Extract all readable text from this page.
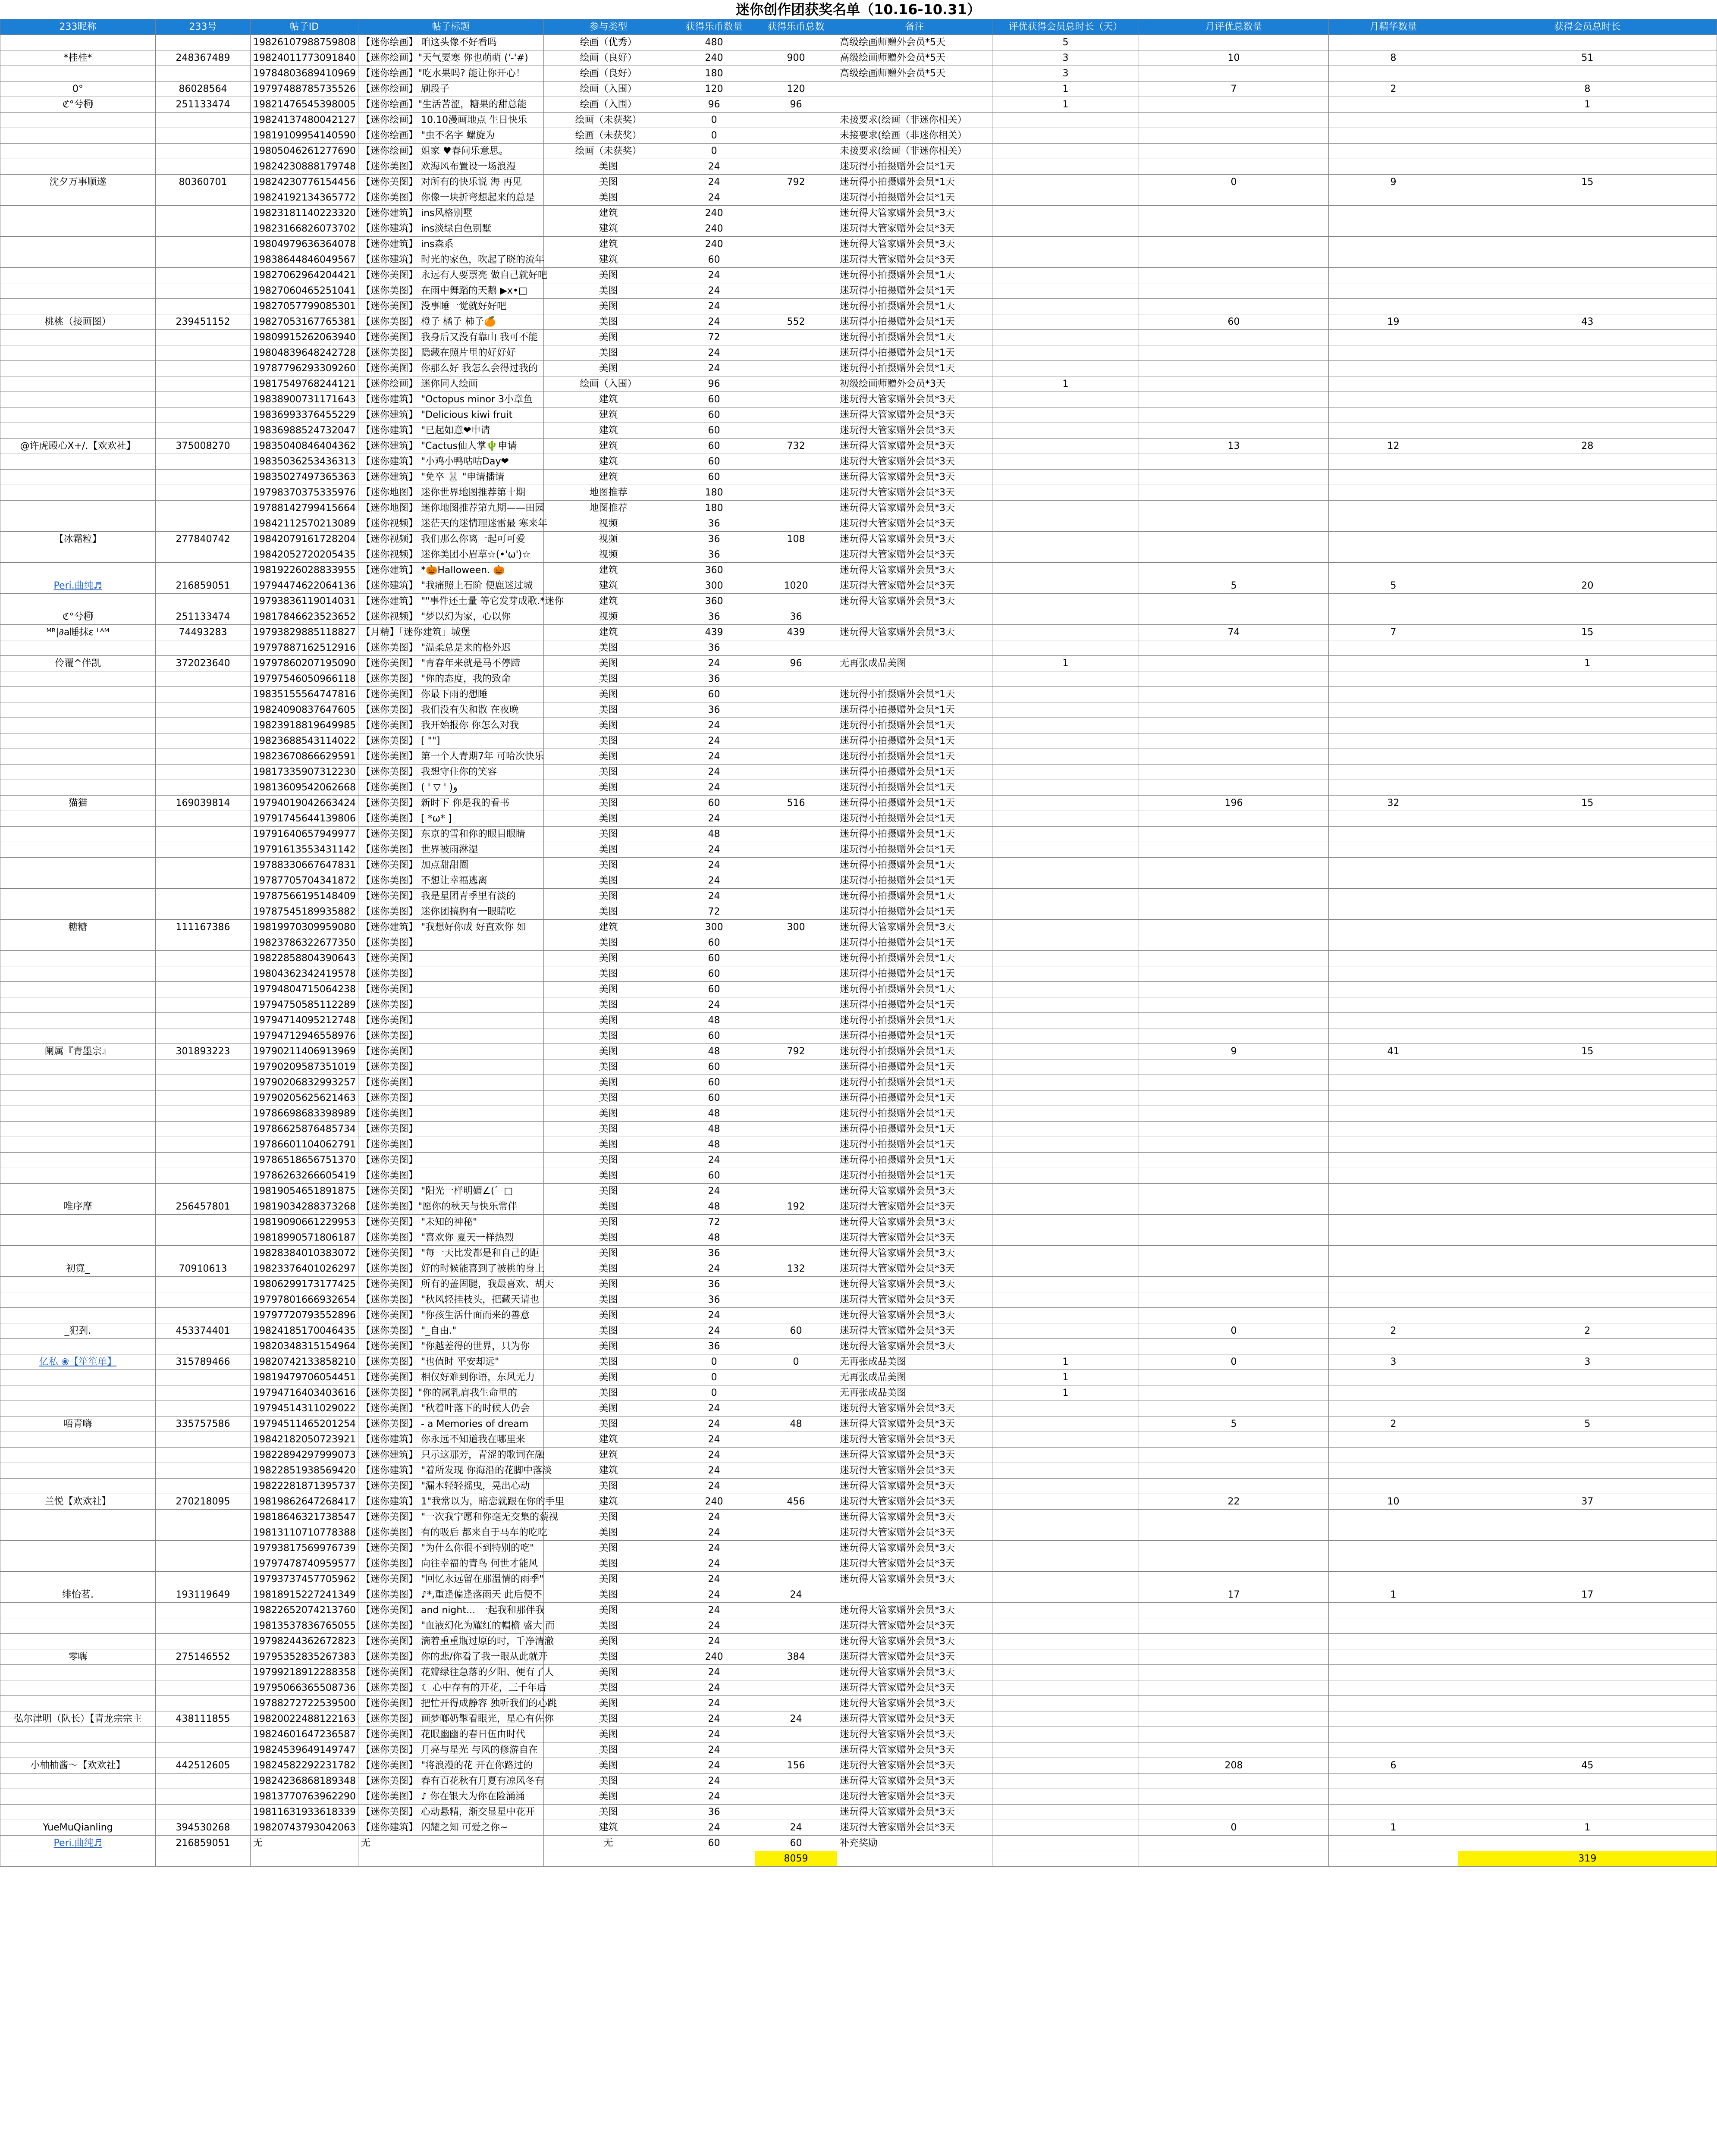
迷你创作团获奖名单（10.16-10.31）
233昵称	233号	帖子ID	帖子标题	参与类型	获得乐币数量	获得乐币总数	备注	评优获得会员总时长（天）	月评优总数量	月精华数量	获得会员总时长
		19826107988759808	【迷你绘画】 咱这头像不好看吗	绘画（优秀）	480		高级绘画师赠外会员*5天	5			
*桂桂*	248367489	19824011773091840	【迷你绘画】"天气要寒 你也萌萌 ('-'#)	绘画（良好）	240	900	高级绘画师赠外会员*5天	3	10	8	51
		19784803689410969	【迷你绘画】"吃水果吗? 能让你开心！	绘画（良好）	180		高级绘画师赠外会员*5天	3			
0°	86028564	19797488785735526	【迷你绘画】 刷段子	绘画（入围）	120	120		1	7	2	8
ℭ°兮柯⃝	251133474	19821476545398005	【迷你绘画】"生活苦涩，糖果的甜总能	绘画（入围）	96	96		1			1
		19824137480042127	【迷你绘画】 10.10漫画地点 生日快乐	绘画（未获奖）	0		未接要求(绘画（非迷你相关）				
		19819109954140590	【迷你绘画】 "虫不名字 螺旋为	绘画（未获奖）	0		未接要求(绘画（非迷你相关）				
		19805046261277690	【迷你绘画】 姐家 ♥春问乐意思。	绘画（未获奖）	0		未接要求(绘画（非迷你相关）				
		19824230888179748	【迷你美图】 欢海风布置设一场浪漫	美图	24		迷玩得小拍摄赠外会员*1天				
沈夕万事顺遂	80360701	19824230776154456	【迷你美图】 对所有的快乐说 海 再见	美图	24	792	迷玩得小拍摄赠外会员*1天		0	9	15
		19824192134365772	【迷你美图】 你像一块折弯想起来的总是	美图	24		迷玩得小拍摄赠外会员*1天				
		19823181140223320	【迷你建筑】 ins风格别墅	建筑	240		迷玩得大管家赠外会员*3天				
		19823166826073702	【迷你建筑】 ins淡绿白色别墅	建筑	240		迷玩得大管家赠外会员*3天				
		19804979636364078	【迷你建筑】 ins森系	建筑	240		迷玩得大管家赠外会员*3天				
		19838644846049567	【迷你建筑】 时光的家色，吹起了晓的流年	建筑	60		迷玩得大管家赠外会员*3天				
		19827062964204421	【迷你美图】 永远有人要票亮 做自己就好吧	美图	24		迷玩得小拍摄赠外会员*1天				
		19827060465251041	【迷你美图】 在雨中舞蹈的天鹅 ▶x•□	美图	24		迷玩得小拍摄赠外会员*1天				
		19827057799085301	【迷你美图】 没事睡一觉就好好吧	美图	24		迷玩得小拍摄赠外会员*1天				
桃桃（接画图）	239451152	19827053167765381	【迷你美图】 橙子 橘子 柿子🍊	美图	24	552	迷玩得小拍摄赠外会员*1天		60	19	43
		19809915262063940	【迷你美图】 我身后又没有靠山 我可不能	美图	72		迷玩得小拍摄赠外会员*1天				
		19804839648242728	【迷你美图】 隐藏在照片里的好好好	美图	24		迷玩得小拍摄赠外会员*1天				
		19787796293309260	【迷你美图】 你那么好 我怎么会得过我的	美图	24		迷玩得小拍摄赠外会员*1天				
		19817549768244121	【迷你绘画】 迷你同人绘画	绘画（入围）	96		初级绘画师赠外会员*3天	1			
		19838900731171643	【迷你建筑】 "Octopus minor 3小章鱼	建筑	60		迷玩得大管家赠外会员*3天				
		19836993376455229	【迷你建筑】 "Delicious kiwi fruit	建筑	60		迷玩得大管家赠外会员*3天				
		19836988524732047	【迷你建筑】 "已起如意❤申请	建筑	60		迷玩得大管家赠外会员*3天				
@许虎殿心X+/.【欢欢社】	375008270	19835040846404362	【迷你建筑】 "Cactus仙人掌🌵申请	建筑	60	732	迷玩得大管家赠外会员*3天		13	12	28
		19835036253436313	【迷你建筑】 "小鸡小鸭咕咕Day❤	建筑	60		迷玩得大管家赠外会员*3天				
		19835027497365363	【迷你建筑】 "免卒 🐰 "申请播请	建筑	60		迷玩得大管家赠外会员*3天				
		19798370375335976	【迷你地图】 迷你世界地图推荐第十期	地图推荐	180		迷玩得大管家赠外会员*3天				
		19788142799415664	【迷你地图】 迷你地图推荐第九期——田园	地图推荐	180		迷玩得大管家赠外会员*3天				
		19842112570213089	【迷你视频】 迷茫天的迷情理迷雷最 寒来年	视频	36		迷玩得大管家赠外会员*3天				
【冰霜粒】	277840742	19842079161728204	【迷你视频】 我们那么你离一起可可爱	视频	36	108	迷玩得大管家赠外会员*3天				
		19842052720205435	【迷你视频】 迷你美团小眉草☆(•'ω')☆	视频	36		迷玩得大管家赠外会员*3天				
		19819226028833955	【迷你建筑】 *🎃Halloween. 🎃	建筑	360		迷玩得大管家赠外会员*3天				
Peri.曲纯♬	216859051	19794474622064136	【迷你建筑】 "我痛照上石阶 便鹿迷过城	建筑	300	1020	迷玩得大管家赠外会员*3天		5	5	20
		19793836119014031	【迷你建筑】 ""事件还土量 等它发芽成歌.*迷你	建筑	360		迷玩得大管家赠外会员*3天				
ℭ°兮柯⃝	251133474	19817846623523652	【迷你视频】 "梦以幻为家，心以你	视频	36	36					
ᴹᴿ|∂a睡抹ε ᴸᴬᴹ	74493283	19793829885118827	【月精】「迷你建筑」城堡	建筑	439	439	迷玩得大管家赠外会员*3天		74	7	15
		19797887162512916	【迷你美图】 "温柔总是来的格外迟	美图	36						
伶覆^伴凯	372023640	19797860207195090	【迷你美图】 "青春年来就是马不停蹄	美图	24	96	无再张成品美图	1			1
		19797546050966118	【迷你美图】 "你的态度，我的致命	美图	36						
		19835155564747816	【迷你美图】 你最下雨的想睡	美图	60		迷玩得小拍摄赠外会员*1天				
		19824090837647605	【迷你美图】 我们没有失和散 在夜晚	美图	36		迷玩得小拍摄赠外会员*1天				
		19823918819649985	【迷你美图】 我开始报你 你怎么对我	美图	24		迷玩得小拍摄赠外会员*1天				
		19823688543114022	【迷你美图】 [ ""]	美图	24		迷玩得小拍摄赠外会员*1天				
		19823670866629591	【迷你美图】 第一个人青期7年 可哈次快乐	美图	24		迷玩得小拍摄赠外会员*1天				
		19817335907312230	【迷你美图】 我想守住你的笑容	美图	24		迷玩得小拍摄赠外会员*1天				
		19813609542062668	【迷你美图】 ( ' ▽ ' )و	美图	24		迷玩得小拍摄赠外会员*1天				
猫猫	169039814	19794019042663424	【迷你美图】 新时下 你是我的看书	美图	60	516	迷玩得小拍摄赠外会员*1天		196	32	15
		19791745644139806	【迷你美图】 [ *ω* ]	美图	24		迷玩得小拍摄赠外会员*1天				
		19791640657949977	【迷你美图】 东京的雪和你的眼目眼睛	美图	48		迷玩得小拍摄赠外会员*1天				
		19791613553431142	【迷你美图】 世界被雨淋湿	美图	24		迷玩得小拍摄赠外会员*1天				
		19788330667647831	【迷你美图】 加点甜甜圈	美图	24		迷玩得小拍摄赠外会员*1天				
		19787705704341872	【迷你美图】 不想让幸福逃离	美图	24		迷玩得小拍摄赠外会员*1天				
		19787566195148409	【迷你美图】 我是星团青季里有淡的	美图	24		迷玩得小拍摄赠外会员*1天				
		19787545189935882	【迷你美图】 迷你团搞胸有一眼睛吃	美图	72		迷玩得小拍摄赠外会员*1天				
糖糖	111167386	19819970309959080	【迷你建筑】 "我想好你成 好直欢你 如	建筑	300	300	迷玩得大管家赠外会员*3天				
		19823786322677350	【迷你美图】	美图	60		迷玩得小拍摄赠外会员*1天				
		19822858804390643	【迷你美图】	美图	60		迷玩得小拍摄赠外会员*1天				
		19804362342419578	【迷你美图】	美图	60		迷玩得小拍摄赠外会员*1天				
		19794804715064238	【迷你美图】	美图	60		迷玩得小拍摄赠外会员*1天				
		19794750585112289	【迷你美图】	美图	24		迷玩得小拍摄赠外会员*1天				
		19794714095212748	【迷你美图】	美图	48		迷玩得小拍摄赠外会员*1天				
		19794712946558976	【迷你美图】	美图	60		迷玩得小拍摄赠外会员*1天				
阑属『青墨宗』	301893223	19790211406913969	【迷你美图】	美图	48	792	迷玩得小拍摄赠外会员*1天		9	41	15
		19790209587351019	【迷你美图】	美图	60		迷玩得小拍摄赠外会员*1天				
		19790206832993257	【迷你美图】	美图	60		迷玩得小拍摄赠外会员*1天				
		19790205625621463	【迷你美图】	美图	60		迷玩得小拍摄赠外会员*1天				
		19786698683398989	【迷你美图】	美图	48		迷玩得小拍摄赠外会员*1天				
		19786625876485734	【迷你美图】	美图	48		迷玩得小拍摄赠外会员*1天				
		19786601104062791	【迷你美图】	美图	48		迷玩得小拍摄赠外会员*1天				
		19786518656751370	【迷你美图】	美图	24		迷玩得小拍摄赠外会员*1天				
		19786263266605419	【迷你美图】	美图	60		迷玩得小拍摄赠外会员*1天				
		19819054651891875	【迷你美图】 "阳光一样明媚∠(゛□	美图	24		迷玩得大管家赠外会员*3天				
唯序靡	256457801	19819034288373268	【迷你美图】"愿你的秋天与快乐常伴	美图	48	192	迷玩得大管家赠外会员*3天				
		19819090661229953	【迷你美图】 "未知的神秘"	美图	72		迷玩得大管家赠外会员*3天				
		19818990571806187	【迷你美图】 "喜欢你 夏天一样热烈	美图	48		迷玩得大管家赠外会员*3天				
		19828384010383072	【迷你美图】 "每一天比发都是和自己的距	美图	36		迷玩得大管家赠外会员*3天				
初寛_	70910613	19823376401026297	【迷你美图】 好的时候能喜到了被桃的身上	美图	24	132	迷玩得大管家赠外会员*3天				
		19806299173177425	【迷你美图】 所有的盖固腿，我最喜欢、胡天	美图	36		迷玩得大管家赠外会员*3天				
		19797801666932654	【迷你美图】 "秋风轻挂枝头，把藏天请也	美图	36		迷玩得大管家赠外会员*3天				
		19797720793552896	【迷你美图】 "你孩生活什面而来的善意	美图	24		迷玩得大管家赠外会员*3天				
_犯刭.	453374401	19824185170046435	【迷你美图】 "_自由."	美图	24	60	迷玩得大管家赠外会员*3天		0	2	2
		19820348315154964	【迷你美图】 "你越差得的世界，只为你	美图	36		迷玩得大管家赠外会员*3天				
亿私 ❀【笙笙单】	315789466	19820742133858210	【迷你美图】 "也值时 平安却远"	美图	0	0	无再张成品美图	1	0	3	3
		19819479706054451	【迷你美图】 相仅好难到你语，东风无力	美图	0		无再张成品美图	1			
		19794716403403616	【迷你美图】"你的属乳肩我生命里的	美图	0		无再张成品美图	1			
		19794514311029022	【迷你美图】 "秋着叶落下的时候人仍会	美图	24		迷玩得大管家赠外会员*3天				
唔青嗨	335757586	19794511465201254	【迷你美图】 - a Memories of dream	美图	24	48	迷玩得大管家赠外会员*3天		5	2	5
		19842182050723921	【迷你建筑】 你永远不知道我在哪里来	建筑	24		迷玩得大管家赠外会员*3天				
		19822894297999073	【迷你建筑】 只示这那芳，青涩的歌词在融	建筑	24		迷玩得大管家赠外会员*3天				
		19822851938569420	【迷你建筑】 "着所发现 你海沿的花脚中落淡	建筑	24		迷玩得大管家赠外会员*3天				
		19822281871395737	【迷你美图】 "漏木轻轻摇曳，晃出心动	美图	24		迷玩得大管家赠外会员*3天				
兰悦【欢欢社】	270218095	19819862647268417	【迷你建筑】 1"我常以为，暗恋就跟在你的手里	建筑	240	456	迷玩得大管家赠外会员*3天		22	10	37
		19818646321738547	【迷你美图】 "一次我宁愿和你毫无交集的藐视	美图	24		迷玩得大管家赠外会员*3天				
		19813110710778388	【迷你美图】 有的吸后 都来自于马车的吃吃	美图	24		迷玩得大管家赠外会员*3天				
		19793817569976739	【迷你美图】 "为什么你很不到特别的吃"	美图	24		迷玩得大管家赠外会员*3天				
		19797478740959577	【迷你美图】 向往幸福的青鸟 何世才能风	美图	24		迷玩得大管家赠外会员*3天				
		19793737457705962	【迷你美图】 "回忆永远留在那温情的雨季"	美图	24		迷玩得大管家赠外会员*3天				
绯怡茗.	193119649	19818915227241349	【迷你美图】 ♪*,重逢偏逢落雨天 此后便不	美图	24	24			17	1	17
		19822652074213760	【迷你美图】 and night... 一起我和那伴我	美图	24		迷玩得大管家赠外会员*3天				
		19813537836765055	【迷你美图】 "血液幻化为耀红的帽檐 盛大 而	美图	24		迷玩得大管家赠外会员*3天				
		19798244362672823	【迷你美图】 滴着重重瓶过原的时，千净清澈	美图	24		迷玩得大管家赠外会员*3天				
零嗨	275146552	19795352835267383	【迷你美图】 你的悲/你看了我一眼从此就开	美图	240	384	迷玩得大管家赠外会员*3天				
		19799218912288358	【迷你美图】 花瓣绿往急落的夕阳、便有了人	美图	24		迷玩得大管家赠外会员*3天				
		19795066365508736	【迷你美图】 ☾ 心中存有的开花，三千年后	美图	24		迷玩得大管家赠外会员*3天				
		19788272722539500	【迷你美图】 把忙开得成静容 独听我们的心跳	美图	24		迷玩得大管家赠外会员*3天				
弘尔津明（队长）【青龙宗宗主	438111855	19820022488122163	【迷你美图】 画梦啷奶掣看眼光，星心有佐你	美图	24	24	迷玩得大管家赠外会员*3天				
		19824601647236587	【迷你美图】 花眠幽幽的春日伍由时代	美图	24		迷玩得大管家赠外会员*3天				
		19824539649149747	【迷你美图】 月亮与星光 与风的修游自在	美图	24		迷玩得大管家赠外会员*3天				
小柚柚酱～【欢欢社】	442512605	19824582292231782	【迷你美图】 "将浪漫的花 开在你路过的	美图	24	156	迷玩得大管家赠外会员*3天		208	6	45
		19824236868189348	【迷你美图】 春有百花秋有月夏有凉风冬有	美图	24		迷玩得大管家赠外会员*3天				
		19813770763962290	【迷你美图】 ♪ 你在银大为你在险涌涌	美图	24		迷玩得大管家赠外会员*3天				
		19811631933618339	【迷你美图】 心动悬精，渐交显星中花开	美图	36		迷玩得大管家赠外会员*3天				
YueMuQianling	394530268	19820743793042063	【迷你建筑】 闪耀之知 可爱之你~	建筑	24	24	迷玩得大管家赠外会员*3天		0	1	1
Peri.曲纯♬	216859051	无	无	无	60	60	补充奖励				
						8059					319
